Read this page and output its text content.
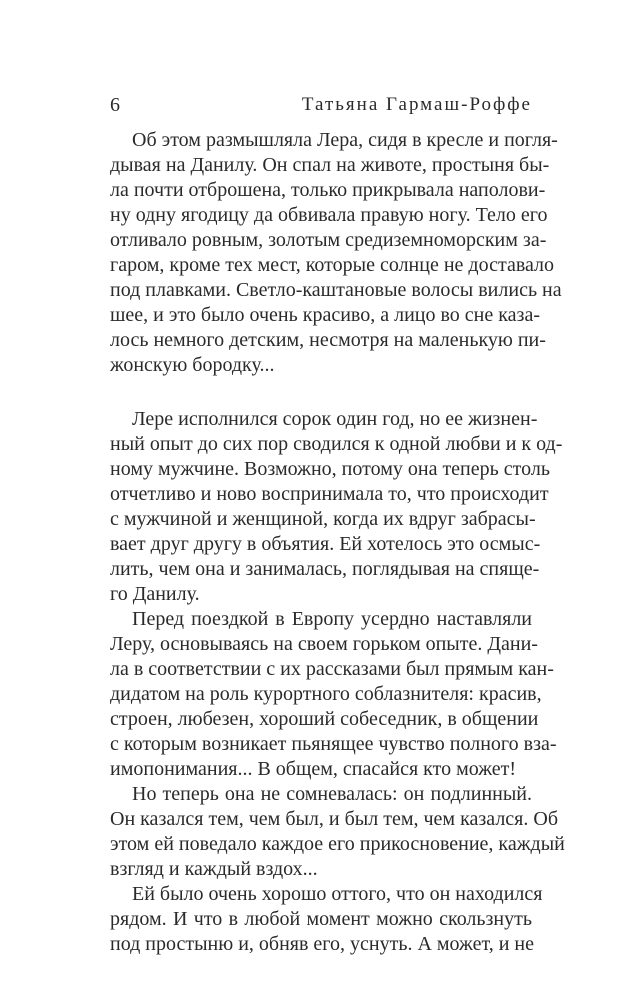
6	Татьяна Гармаш-Роффе
Об этом размышляла Лера, сидя в кресле и погля-
дывая на Данилу. Он спал на животе, простыня бы-
ла почти отброшена, только прикрывала наполови-
ну одну ягодицу да обвивала правую ногу. Тело его
отливало ровным, золотым средиземноморским за-
гаром, кроме тех мест, которые солнце не доставало
под плавками. Светло-каштановые волосы вились на
шее, и это было очень красиво, а лицо во сне каза-
лось немного детским, несмотря на маленькую пи-
жонскую бородку...
Лере исполнился сорок один год, но ее жизнен-
ный опыт до сих пор сводился к одной любви и к од-
ному мужчине. Возможно, потому она теперь столь
отчетливо и ново воспринимала то, что происходит
с мужчиной и женщиной, когда их вдруг забрасы-
вает друг другу в объятия. Ей хотелось это осмыс-
лить, чем она и занималась, поглядывая на спяще-
го Данилу.
Перед поездкой в Европу усердно наставляли
Леру, основываясь на своем горьком опыте. Дани-
ла в соответствии с их рассказами был прямым кан-
дидатом на роль курортного соблазнителя: красив,
строен, любезен, хороший собеседник, в общении
с которым возникает пьянящее чувство полного вза-
имопонимания... В общем, спасайся кто может!
Но теперь она не сомневалась: он подлинный.
Он казался тем, чем был, и был тем, чем казался. Об
этом ей поведало каждое его прикосновение, каждый
взгляд и каждый вздох...
Ей было очень хорошо оттого, что он находился
рядом. И что в любой момент можно скользнуть
под простыню и, обняв его, уснуть. А может, и не
